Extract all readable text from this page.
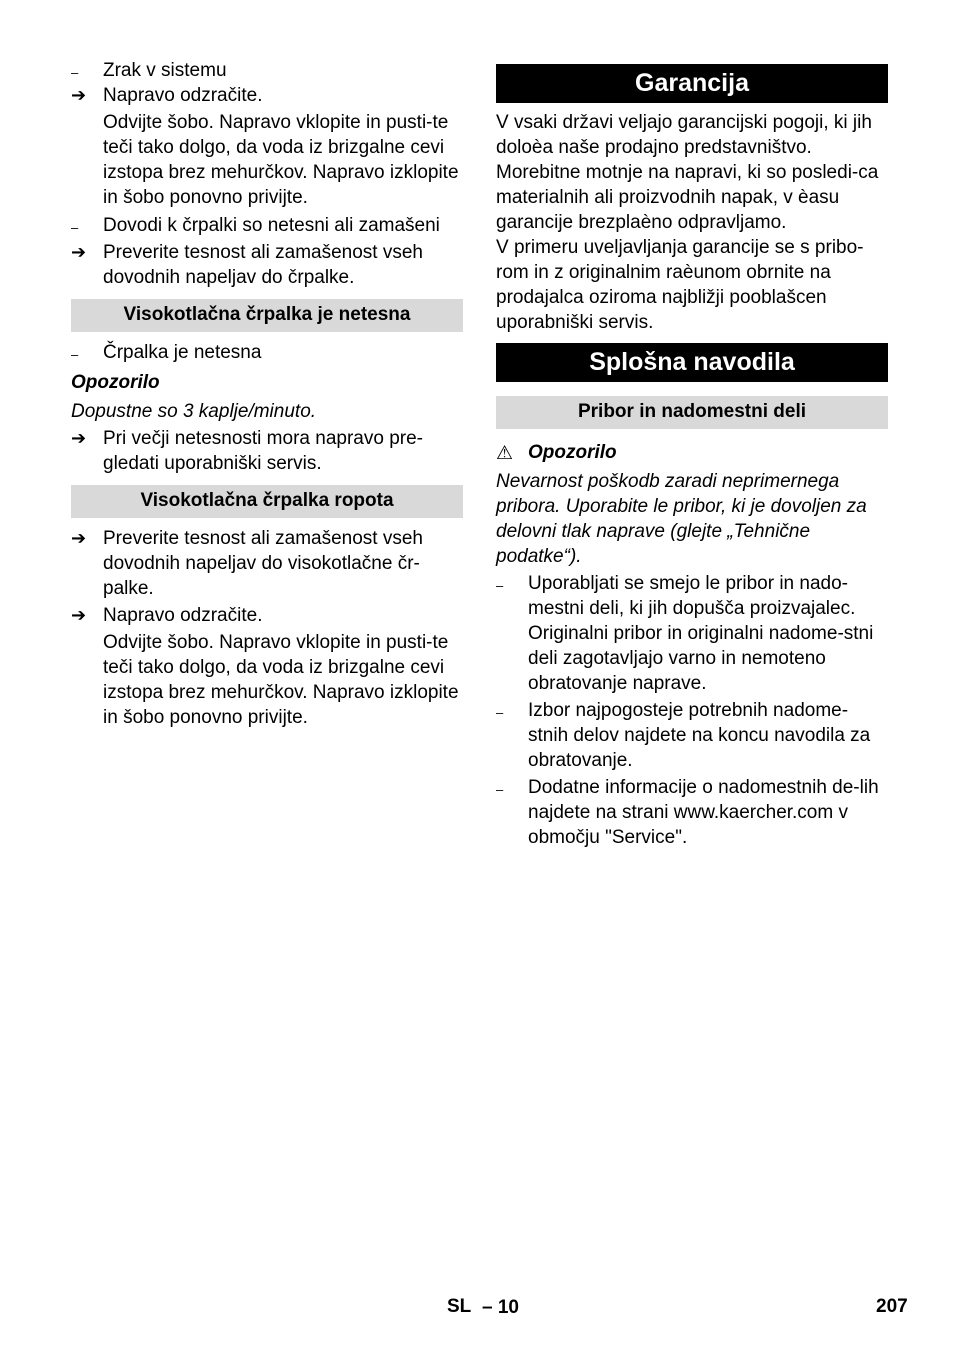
–	Zrak v sistemu
➔ Napravo odzračite.
Odvijte šobo. Napravo vklopite in pusti-te teči tako dolgo, da voda iz brizgalne cevi izstopa brez mehurčkov. Napravo izklopite in šobo ponovno privijte.
–	Dovodi k črpalki so netesni ali zamašeni
➔ Preverite tesnost ali zamašenost vseh dovodnih napeljav do črpalke.
Visokotlačna črpalka je netesna
–	Črpalka je netesna
Opozorilo
Dopustne so 3 kaplje/minuto.
➔ Pri večji netesnosti mora napravo pre-gledati uporabniški servis.
Visokotlačna črpalka ropota
➔ Preverite tesnost ali zamašenost vseh dovodnih napeljav do visokotlačne čr-palke.
➔ Napravo odzračite.
Odvijte šobo. Napravo vklopite in pusti-te teči tako dolgo, da voda iz brizgalne cevi izstopa brez mehurčkov. Napravo izklopite in šobo ponovno privijte.
Garancija
V vsaki državi veljajo garancijski pogoji, ki jih doloèa naše prodajno predstavništvo. Morebitne motnje na napravi, ki so posledi-ca materialnih ali proizvodnih napak, v èasu garancije brezplaèno odpravljamo.
V primeru uveljavljanja garancije se s pribo-rom in z originalnim raèunom obrnite na prodajalca oziroma najbližji pooblašcen uporabniški servis.
Splošna navodila
Pribor in nadomestni deli
⚠ Opozorilo
Nevarnost poškodb zaradi neprimernega pribora. Uporabite le pribor, ki je dovoljen za delovni tlak naprave (glejte „Tehnične podatke“).
–	Uporabljati se smejo le pribor in nado-mestni deli, ki jih dopušča proizvajalec. Originalni pribor in originalni nadome-stni deli zagotavljajo varno in nemoteno obratovanje naprave.
–	Izbor najpogosteje potrebnih nadome-stnih delov najdete na koncu navodila za obratovanje.
–	Dodatne informacije o nadomestnih de-lih najdete na strani www.kaercher.com v območju "Service".
SL – 10	207
